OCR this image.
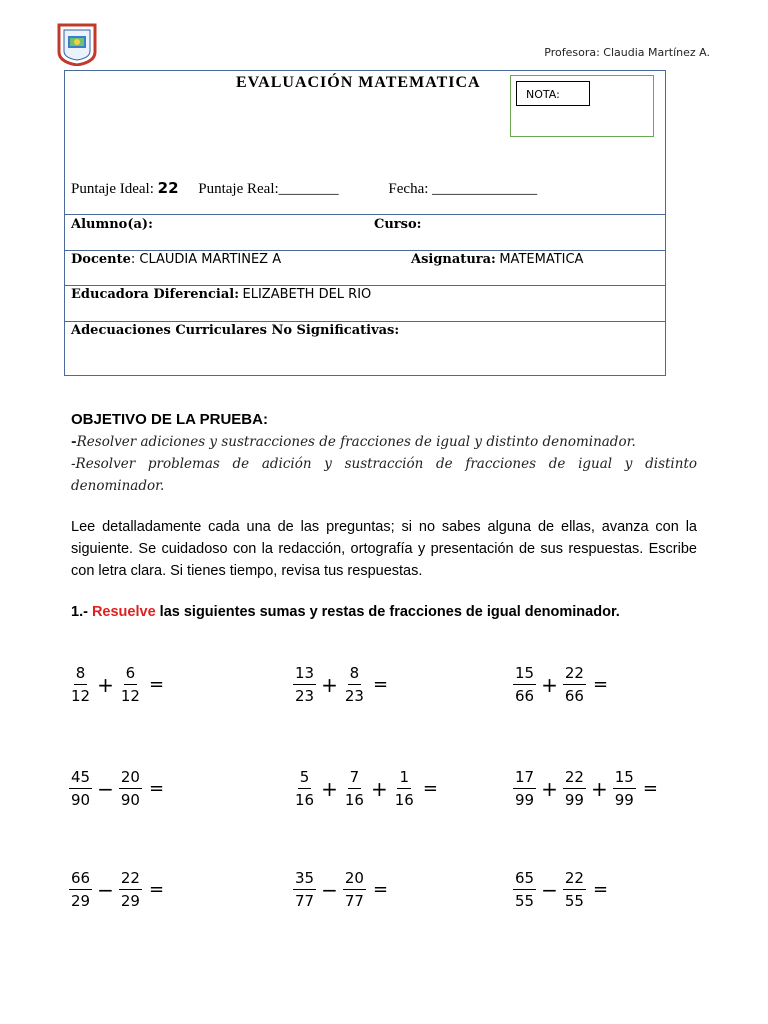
Profesora: Claudia Martínez A.
EVALUACIÓN MATEMATICA
NOTA:
Puntaje Ideal: 22 Puntaje Real:________	Fecha: ______________
Alumno(a):	Curso:
Docente: CLAUDIA MARTINEZ A	Asignatura: MATEMATICA
Educadora Diferencial: ELIZABETH DEL RIO
Adecuaciones Curriculares No Significativas:
OBJETIVO DE LA PRUEBA:
-Resolver adiciones y sustracciones de fracciones de igual y distinto denominador.
-Resolver problemas de adición y sustracción de fracciones de igual y distinto denominador.
Lee detalladamente cada una de las preguntas; si no sabes alguna de ellas, avanza con la siguiente. Se cuidadoso con la redacción, ortografía y presentación de sus respuestas. Escribe con letra clara. Si tienes tiempo, revisa tus respuestas.
1.- Resuelve las siguientes sumas y restas de fracciones de igual denominador.
$\frac{8}{12} + \frac{6}{12}$ =	$\frac{13}{23} + \frac{8}{23}$ =	$\frac{15}{66} + \frac{22}{66}$ =
$\frac{45}{90} - \frac{20}{90}$ =	$\frac{5}{16} + \frac{7}{16} + \frac{1}{16}$ =	$\frac{17}{99} + \frac{22}{99} + \frac{15}{99}$ =
$\frac{66}{29} - \frac{22}{29}$ =	$\frac{35}{77} - \frac{20}{77}$ =	$\frac{65}{55} - \frac{22}{55}$ =
